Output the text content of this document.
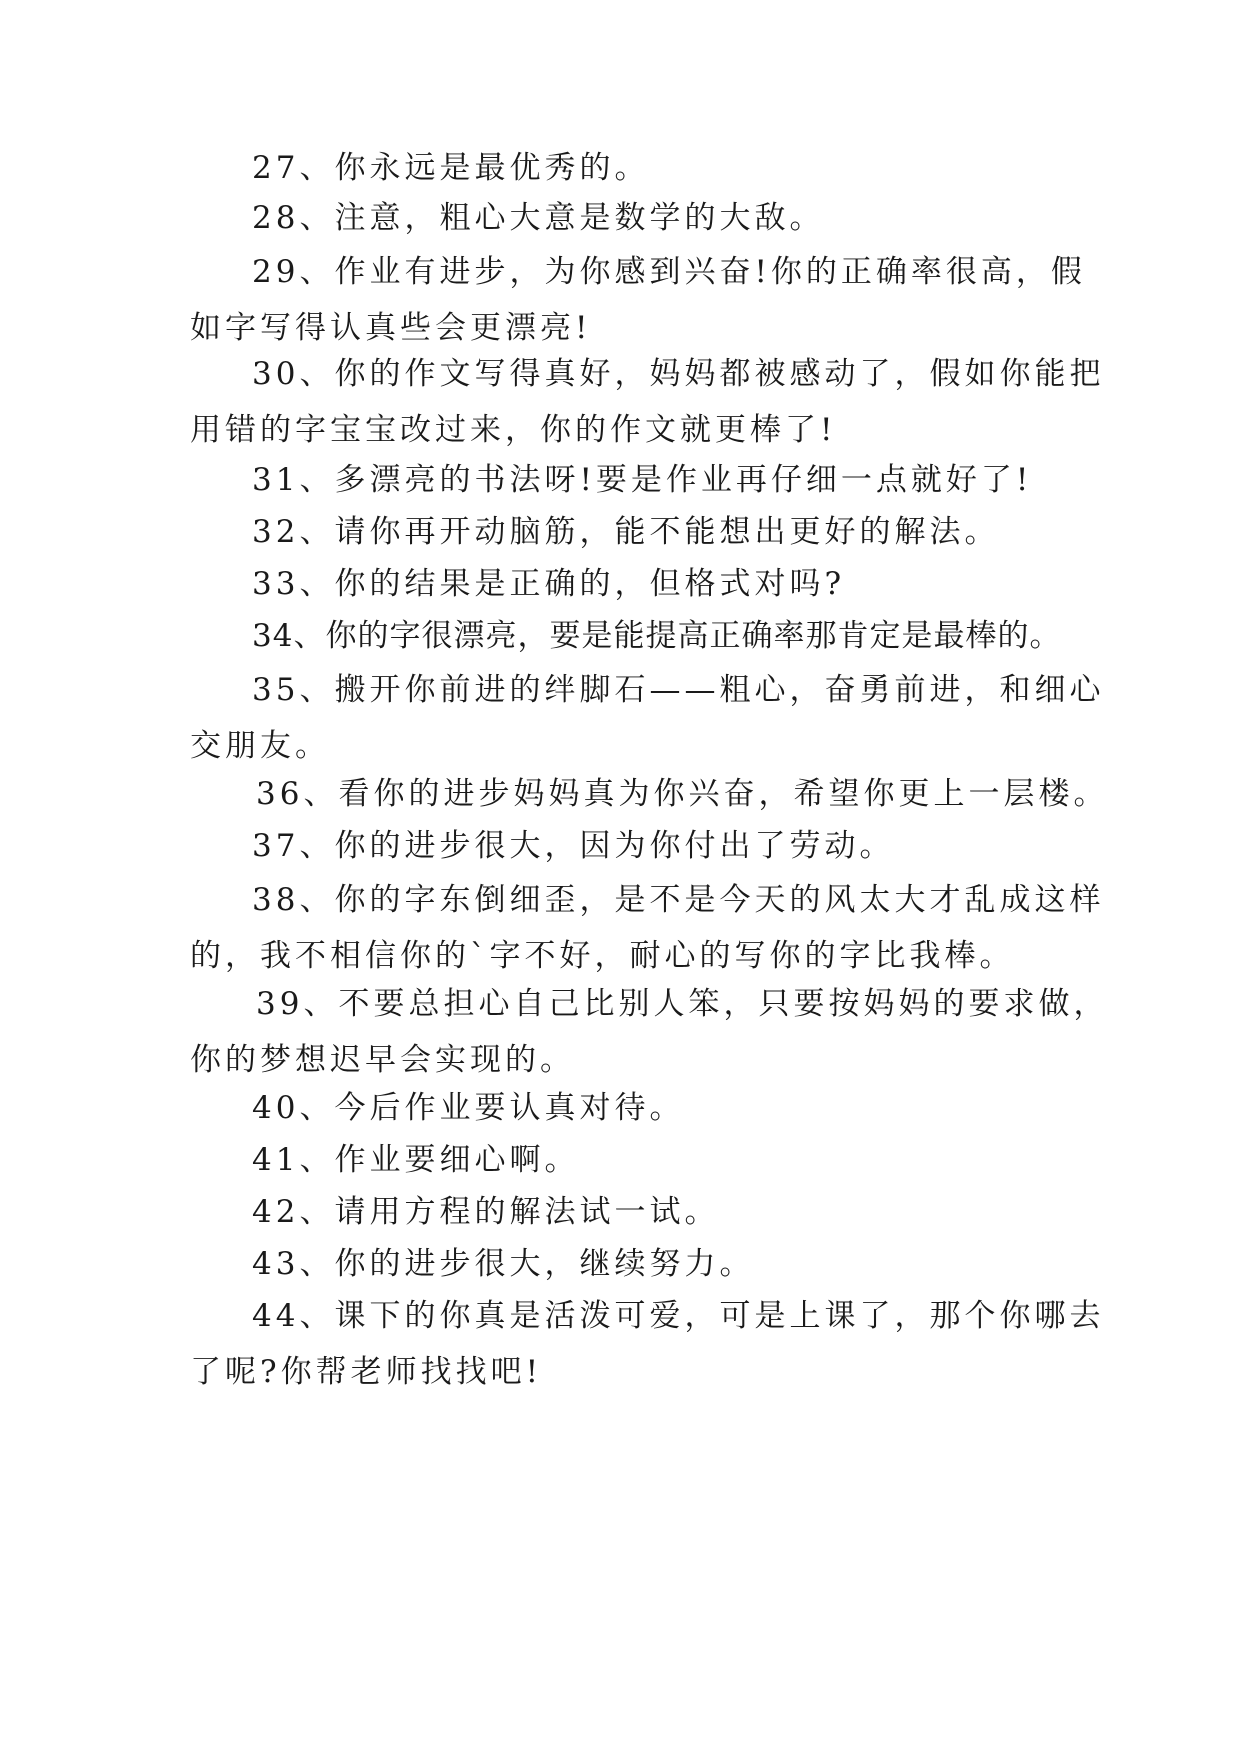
27、你永远是最优秀的。

28、注意，粗心大意是数学的大敌。

29、作业有进步，为你感到兴奋!你的正确率很高，假
如字写得认真些会更漂亮!

30、你的作文写得真好，妈妈都被感动了，假如你能把
用错的字宝宝改过来，你的作文就更棒了!

31、多漂亮的书法呀!要是作业再仔细一点就好了!

32、请你再开动脑筋，能不能想出更好的解法。

33、你的结果是正确的，但格式对吗?

34、你的字很漂亮，要是能提高正确率那肯定是最棒的。

35、搬开你前进的绊脚石——粗心，奋勇前进，和细心
交朋友。

36、看你的进步妈妈真为你兴奋，希望你更上一层楼。

37、你的进步很大，因为你付出了劳动。

38、你的字东倒细歪，是不是今天的风太大才乱成这样
的，我不相信你的`字不好，耐心的写你的字比我棒。

39、不要总担心自己比别人笨，只要按妈妈的要求做，
你的梦想迟早会实现的。

40、今后作业要认真对待。

41、作业要细心啊。

42、请用方程的解法试一试。

43、你的进步很大，继续努力。

44、课下的你真是活泼可爱，可是上课了，那个你哪去
了呢?你帮老师找找吧!
